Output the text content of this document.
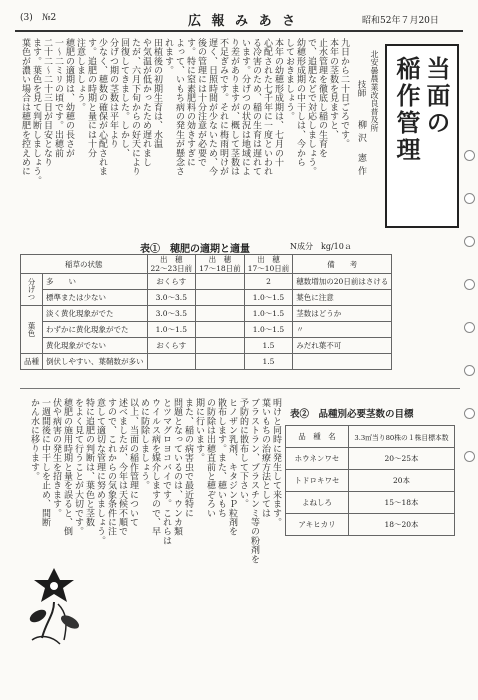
(3) №2	広 報 み あ さ	昭和52年７月20日
当面の
稲作管理
北安曇農業改良普及所
技師
柳沢 憲作
九日から二十日ごろです。
本年の茎数を見ますと、
止水管理を徹底し稲の生育を
で、追肥などで対応しましょう。
幼穂形成期の中干しは、今から
しておきましょう。
本年の幼穂形成期は、七月の十
心配された七千年に一度といわれ
る冷害のため、稲の生育は遅れて
います。分げつの状況は地域によ
り差がありますが、概して茎数は
不足ぎみです。それに梅雨明けが
遅く、日照時間が少ないため、今
後の管理には十分注意が必要で
す。特に窒素肥料の効きすぎに
よって、いもち病の発生が懸念さ
れます。
田植後の初期生育は、水温
や気温が低かったため遅れまし
たが、六月下旬からの好天により
回復してきました。しかし、
分げつ期の茎数は平年より
少なく、穂数の確保が心配されま
す。追肥の時期と量には十分
注意しましょう。
穂肥の適期は、幼穂の長さが
一〜二ミリの頃です。出穂前
二十二〜二十三日が目安となり
ます。葉色を見て判断しましょう。
葉色が濃い場合は穂肥を控えめに
表①　穂肥の適期と適量	N成分　kg/10ａ
稲草の状態		出　穂
22〜23日前	出　穂
17〜18日前	出　穂
17〜10日前	備　　考
分げつ	多　　い	おくらす		2	穂数増加の20日前はさける
	標準または少ない	3.0〜3.5		1.0〜1.5	葉色に注意
葉色	淡く黄化現象がでた	3.0〜3.5		1.0〜1.5	茎数はどうか
	わずかに黄化現象がでた	1.0〜1.5		1.0〜1.5	〃
	黄化現象がでない	おくらす		1.5	みだれ葉不可
品種	倒伏しやすい、葉鞘数が多い			1.5	
表②　品種別必要茎数の目標
品　種　名	3.3㎡当り80株の１株目標本数
ホウネンワセ	20〜25本
トドロキワセ	20本
よねしろ	15〜18本
アキヒカリ	18〜20本
明けと同時に発生して来ます。
葉いもちの治療方法としては
ブラストラン、ブラスチンミ等の粉剤を
予防的に散布して下さい。
ヒノザン乳剤、キタジンＰ粒剤を
散布します。また、穂いもち
の防除は出穂直前と穂ぞろい
期に行います。
また、稲の病害虫で最近特に
問題となっているのは、ウンカ類
とツマグロヨコバイです。これらは
ウイルス病を媒介しますので、早
めに防除しましょう。
以上、当面の稲作管理について
述べましたが、今年は天候不順で
すので、これからの気象条件に注
意して適切な管理に努めましょう。
特に追肥の判断は、葉色と茎数
をよく見て行うことが大切です。
穂肥の施用時期と量を誤ると、倒
伏や病害の発生を招きます。
一週間後に中干しを止め、間断
かん水に移ります。
